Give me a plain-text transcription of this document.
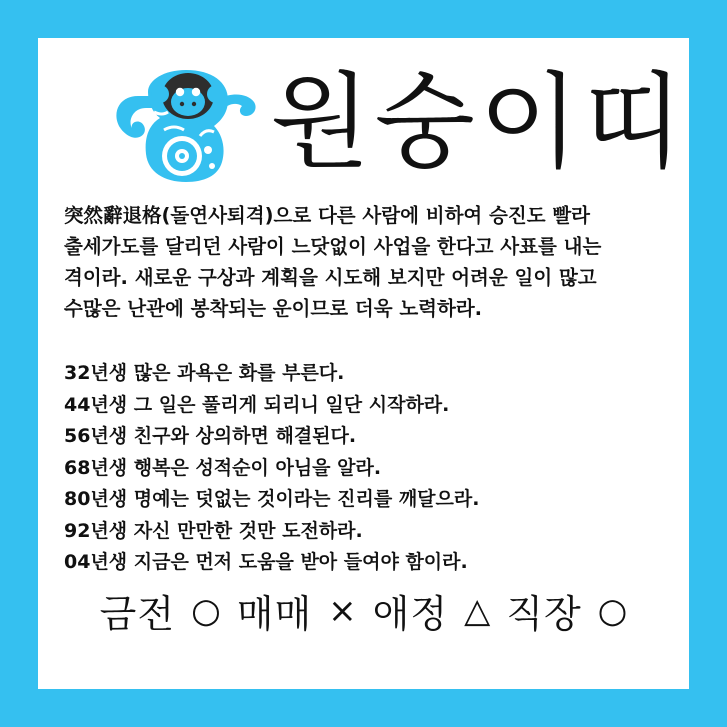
원숭이띠
突然辭退格(돌연사퇴격)으로 다른 사람에 비하여 승진도 빨라
출세가도를 달리던 사람이 느닷없이 사업을 한다고 사표를 내는
격이라. 새로운 구상과 계획을 시도해 보지만 어려운 일이 많고
수많은 난관에 봉착되는 운이므로 더욱 노력하라.
32년생 많은 과욕은 화를 부른다.
44년생 그 일은 풀리게 되리니 일단 시작하라.
56년생 친구와 상의하면 해결된다.
68년생 행복은 성적순이 아님을 알라.
80년생 명예는 덧없는 것이라는 진리를 깨달으라.
92년생 자신 만만한 것만 도전하라.
04년생 지금은 먼저 도움을 받아 들여야 함이라.
금전 ○ 매매 × 애정 △ 직장 ○
